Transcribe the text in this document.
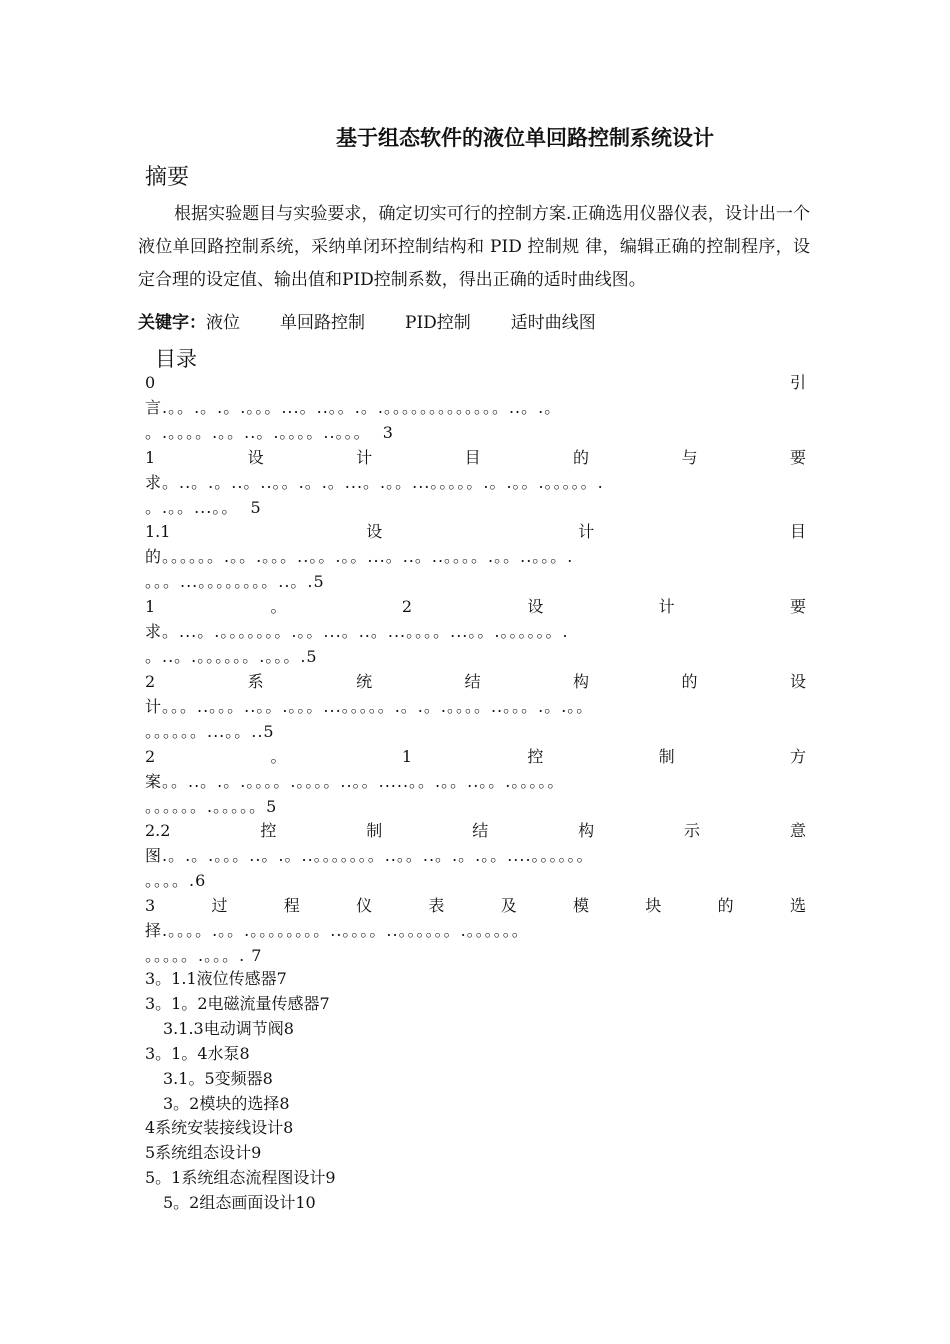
基于组态软件的液位单回路控制系统设计
摘要
根据实验题目与实验要求，确定切实可行的控制方案.正确选用仪器仪表，设计出一个液位单回路控制系统，采纳单闭环控制结构和 PID 控制规 律，编辑正确的控制程序，设定合理的设定值、输出值和PID控制系数，得出正确的适时曲线图。
关键字：液位 单回路控制 PID控制 适时曲线图
目录
0	引
言.。。.。.。.。。。...。..。。.。.。。。。。。。。。。。。。..。.。
。.。。。。.。。..。.。。。。..。。。  3
1	设	计	目	的	与	要
求。..。.。..。..。。.。.。...。.。。...。。。。。.。.。。.。。。。。.
。.。。...。。  5
1.1	设	计	目
的。。。。。。.。。.。。。..。。.。。...。..。..。。。。.。。..。。。.
。。。...。。。。。。。。..。.5
1	。	2	设	计	要
求。...。.。。。。。。。.。。...。..。...。。。。...。。.。。。。。。.
。..。.。。。。。。.。。。.5
2	系	统	结	构	的	设
计。。。..。。。..。。.。。。...。。。。。.。.。.。。。。..。。。.。.。。
。。。。。。...。。..5
2	。	1	控	制	方
案。。..。.。.。。。。.。。。。..。。.....。。.。。..。。.。。。。。
。。。。。。.。。。。。5
2.2	控	制	结	构	示	意
图.。.。.。。。..。.。..。。。。。。。..。。..。.。.。。....。。。。。。
。。。。.6
3	过	程	仪	表	及	模	块	的	选
择.。。。。.。。.。。。。。。。。..。。。。..。。。。。。.。。。。。。
。。。。。.。。。. 7
3。1.1液位传感器7
3。1。2电磁流量传感器7
3.1.3电动调节阀8
3。1。4水泵8
3.1。5变频器8
3。2模块的选择8
4系统安装接线设计8
5系统组态设计9
5。1系统组态流程图设计9
5。2组态画面设计10
